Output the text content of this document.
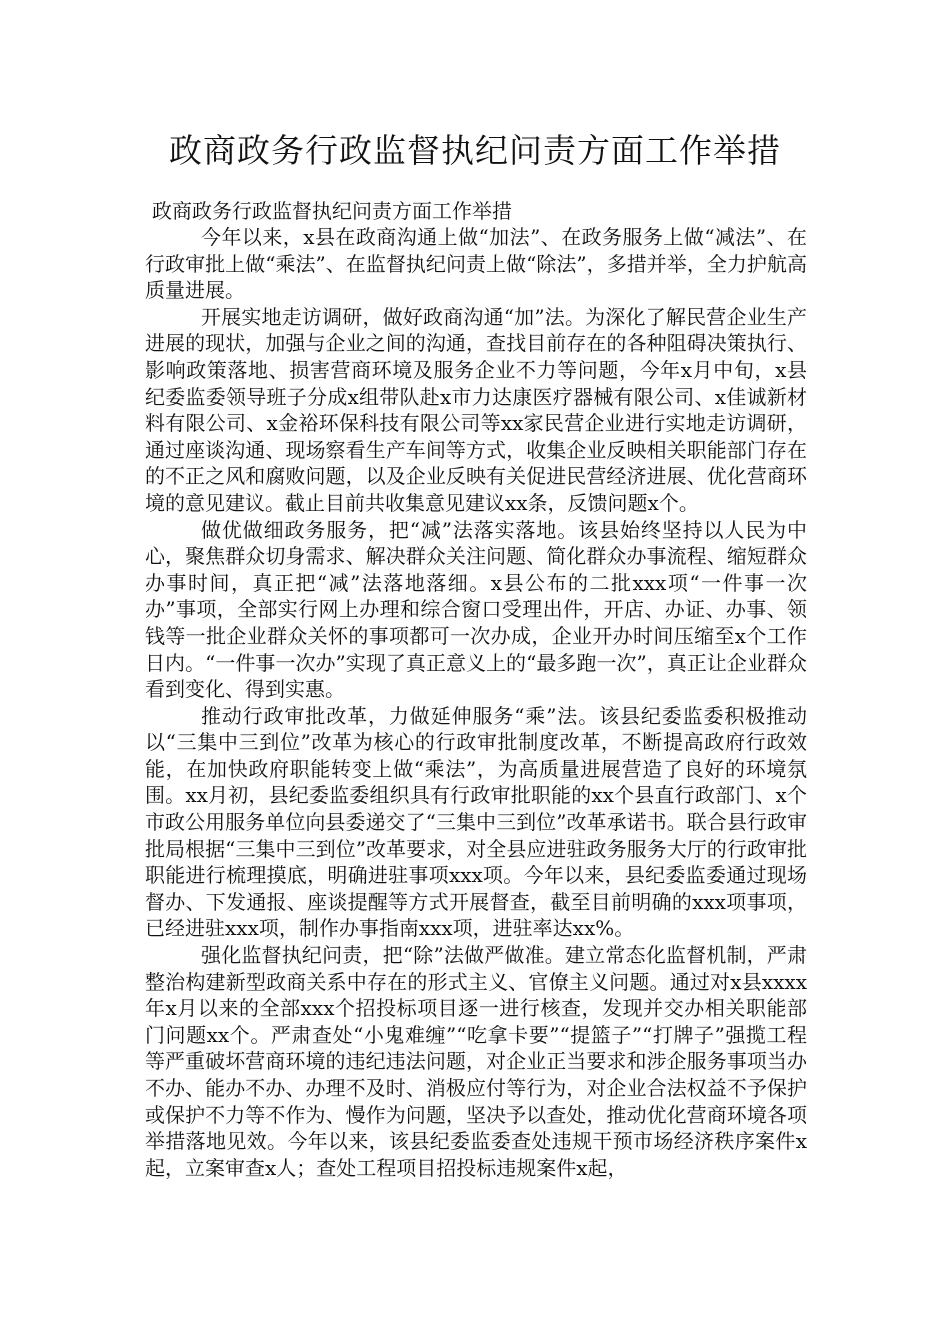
政商政务行政监督执纪问责方面工作举措

政商政务行政监督执纪问责方面工作举措

今年以来，x县在政商沟通上做“加法”、在政务服务上做“减法”、在行政审批上做“乘法”、在监督执纪问责上做“除法”，多措并举，全力护航高质量进展。

开展实地走访调研，做好政商沟通“加”法。为深化了解民营企业生产进展的现状，加强与企业之间的沟通，查找目前存在的各种阻碍决策执行、影响政策落地、损害营商环境及服务企业不力等问题，今年x月中旬，x县纪委监委领导班子分成x组带队赴x市力达康医疗器械有限公司、x佳诚新材料有限公司、x金裕环保科技有限公司等xx家民营企业进行实地走访调研，通过座谈沟通、现场察看生产车间等方式，收集企业反映相关职能部门存在的不正之风和腐败问题，以及企业反映有关促进民营经济进展、优化营商环境的意见建议。截止目前共收集意见建议xx条，反馈问题x个。

做优做细政务服务，把“减”法落实落地。该县始终坚持以人民为中心，聚焦群众切身需求、解决群众关注问题、简化群众办事流程、缩短群众办事时间，真正把“减”法落地落细。x县公布的二批xxx项“一件事一次办”事项，全部实行网上办理和综合窗口受理出件，开店、办证、办事、领钱等一批企业群众关怀的事项都可一次办成，企业开办时间压缩至x个工作日内。“一件事一次办”实现了真正意义上的“最多跑一次”，真正让企业群众看到变化、得到实惠。

推动行政审批改革，力做延伸服务“乘”法。该县纪委监委积极推动以“三集中三到位”改革为核心的行政审批制度改革，不断提高政府行政效能，在加快政府职能转变上做“乘法”，为高质量进展营造了良好的环境氛围。xx月初，县纪委监委组织具有行政审批职能的xx个县直行政部门、x个市政公用服务单位向县委递交了“三集中三到位”改革承诺书。联合县行政审批局根据“三集中三到位”改革要求，对全县应进驻政务服务大厅的行政审批职能进行梳理摸底，明确进驻事项xxx项。今年以来，县纪委监委通过现场督办、下发通报、座谈提醒等方式开展督查，截至目前明确的xxx项事项，已经进驻xxx项，制作办事指南xxx项，进驻率达xx%。

强化监督执纪问责，把“除”法做严做准。建立常态化监督机制，严肃整治构建新型政商关系中存在的形式主义、官僚主义问题。通过对x县xxxx年x月以来的全部xxx个招投标项目逐一进行核查，发现并交办相关职能部门问题xx个。严肃查处“小鬼难缠”“吃拿卡要”“提篮子”“打牌子”强揽工程等严重破坏营商环境的违纪违法问题，对企业正当要求和涉企服务事项当办不办、能办不办、办理不及时、消极应付等行为，对企业合法权益不予保护或保护不力等不作为、慢作为问题，坚决予以查处，推动优化营商环境各项举措落地见效。今年以来，该县纪委监委查处违规干预市场经济秩序案件x起，立案审查x人；查处工程项目招投标违规案件x起，
